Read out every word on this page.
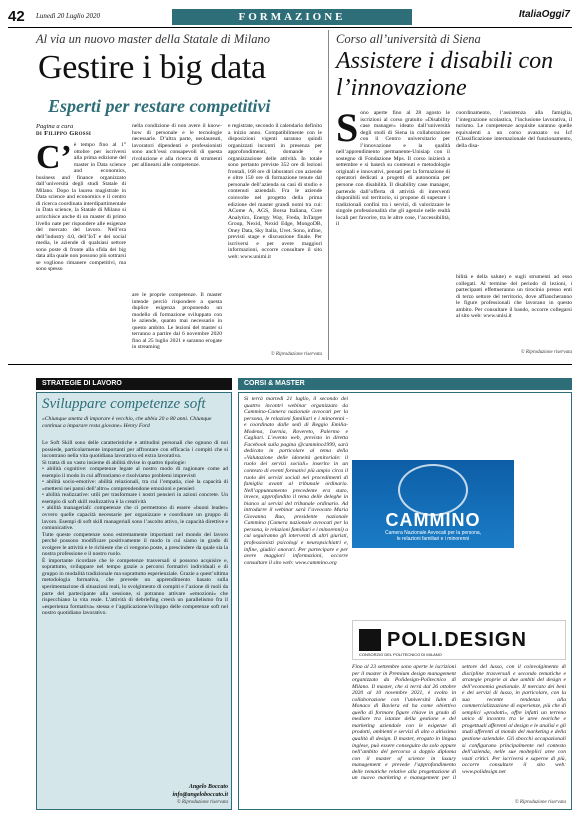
42 Lunedì 20 Luglio 2020	FORMAZIONE	ItaliaOggi7
Al via un nuovo master della Statale di Milano
Gestire i big data
Esperti per restare competitivi
Pagina a cura
di Filippo Grossi
C’ è tempo fino al 1° ottobre per iscriversi alla prima edizione del master in Data science and economics, business and finance organizzato dall’università degli studi Statale di Milano. Dopo la laurea magistrale in Data science and economics e il centro di ricerca coordinata interdipartimentale in Data science, la Statale di Milano si arricchisce anche di un master di primo livello nate per rispondere alle esigenze del mercato del lavoro. Nell’era dell’industry 4.0, dell’IoT e dei social media, le aziende di qualsiasi settore sono poste di fronte alla sfida dei big data alla quale non possono più sottrarsi se vogliono rimanere competitivi, ma sono spesso
nella condizione di non avere il know-how di personale e le tecnologie necessarie. D’altra parte, neolaureati, lavoratori dipendenti e professionisti sono anch’essi consapevoli di questa rivoluzione e alla ricerca di strumenti per allinearsi alle competenze.
are le proprie competenze. Il master intende perciò rispondere a questa duplice esigenza proponendo un modello di formazione sviluppato con le aziende, quanto mai necessario in questo ambito. Le lezioni del master si terranno a partire dal 6 novembre 2020 fino al 25 luglio 2021 e saranno erogate in streaming
e registrate, secondo il calendario definito a inizio anno. Compatibilmente con le disposizioni vigenti saranno quindi organizzati incontri in presenza per approfondimenti, domande e organizzazione delle attività. In totale sono pertanto previste 352 ore di lezioni frontali, 168 ore di laboratori con aziende e oltre 150 ore di formazione tenute dal personale dell’azienda su casi di studio e contenuti aziendali. Fra le aziende coinvolte nel progetto della prima edizione del master grandi nomi tra cui: ACome A, AGS, Borsa Italiana, Core Analytics, Energy Way, Freda, InTarget Group, Nexid, Nexid Edge, MongoDB, Oney Data, Sky Italia, Uvet. Sono, infine, previsti stage e discussione finale. Per iscriversi e per avere maggiori informazioni, occorre consultare il sito web: www.unimi.it
© Riproduzione riservata
Corso all’università di Siena
Assistere i disabili con l’innovazione
Sono aperte fino al 28 agosto le iscrizioni al corso gratuito «Disability case manager» ideato dall’università degli studi di Siena in collaborazione con il Centro universitario per l’innovazione e la qualità nell’apprendimento permanente-Unisiap con il sostegno di Fondazione Mps. Il corso inizierà a settembre e si baserà su contenuti e metodologie originali e innovativi, pensati per la formazione di operatori dedicati a progetti di autonomia per persone con disabilità. Il disability case manager, partendo dall’offerta di attività di interventi disponibili sul territorio, si propone di superare i tradizionali confini tra i servizi, di valorizzare le singole professionalità che gli agenzie nelle realtà locali per favorire, tra le altre cose, l’accessibilità, il
coordinamento, l’assistenza alla famiglia, l’integrazione scolastica, l’inclusione lavorativa, il turismo. Le competenze acquisite saranno quelle equivalenti a un corso avanzato su Icf (Classificazione internazionale del funzionamento, della disa-
bilità e della salute) e sugli strumenti ad esso collegati. Al termine del periodo di lezioni, i partecipanti effettueranno un tirocinio presso enti di terzo settore del territorio, dove affiancheranno le figure professionali che lavorano in questo ambito. Per consultare il bando, occorre collegarsi al sito web: www.unisi.it
© Riproduzione riservata
STRATEGIE DI LAVORO
Sviluppare competenze soft
«Chiunque smetta di imparare è vecchio, che abbia 20 o 80 anni. Chiunque continua a imparare resta giovane» Henry Ford

Le Soft Skill sono delle caratteristiche e attitudini personali che ognuno di noi possiede, particolarmente importanti per affrontare con efficacia i compiti che si incontrano nella vita quotidiana lavorativa ed extra lavorativa.

Si tratta di un vasto insieme di abilità divise in quattro tipologie:

• abilità cognitive: competenze legate al nostro modo di ragionare come ad esempio il modo in cui affrontiamo e risolviamo problemi imprevisti

• abilità socio-emotive: abilità relazionali, tra cui l’empatia, cioè la capacità di «mettersi nei panni dell’altro» comprendendone emozioni e pensieri

• abilità realizzative: utili per trasformare i nostri pensieri in azioni concrete. Un esempio di soft skill realizzativa è la creatività

• abilità manageriali: competenze che ci permettono di essere «buoni leader» ovvero quelle capacità necessarie per organizzare e coordinare un gruppo di lavoro. Esempi di soft skill manageriali sono l’ascolto attivo, le capacità direttive e comunicative.

Tutte queste competenze sono estremamente importanti nel mondo del lavoro perché possono modificare positivamente il modo in cui siamo in grado di svolgere le attività e le richieste che ci vengono poste, a prescindere da quale sia la nostra professione e il nostro ruolo.

È importante ricordare che le competenze trasversali si possono acquisire e, soprattutto, sviluppare nel tempo grazie a percorsi formativi individuali e di gruppo in modalità tradizionale ma soprattutto esperienziale. Grazie a quest’ultima metodologia formativa, che prevede un apprendimento basato sulla sperimentazione di situazioni reali, lo svolgimento di compiti e l’azione di ruoli da parte del partecipante alla sessione, si potranno attivare «emozioni» che rispecchiano la vita reale. L’attività di debriefing creerà un parallelismo fra il «esperienza formativa» stessa e l’applicazione/sviluppo delle competenze soft nel nostro quotidiano lavorativo.

Angelo Boccato
info@angeloboccato.it
© Riproduzione riservata
CORSI & MASTER
Si terrà martedì 21 luglio, il secondo dei quattro incontri webinar organizzato da Cammino-Camera nazionale avvocati per la persona, le relazioni familiari e i minorenni - e coordinato dalle sedi di Reggio Emilia-Modena, Isernia, Rovereto, Palermo e Cagliari. L’evento web, previsto in diretta Facebook sulla pagina @cammino1999, sarà dedicato in particolare al tema della «Valutazione delle idoneità genitoriale: il ruolo dei servizi sociali» inserito in un contesto di eventi formativi più ampio circa il ruolo dei servizi sociali nei procedimenti di famiglia avanti al tribunale ordinario. Nell’appuntamento precedente era stato, invece, approfondito il tema delle deleghe in bianco ai servizi del tribunale ordinario. Ad introdurre il webinar sarà l’avvocato Maria Giovanna Ruo, presidente nazionale Cammino (Camera nazionale avvocati per la persona, le relazioni familiari e i minorenni) a cui seguiranno gli interventi di altri giuristi, professionisti psicologi e neuropsichiatri e, infine, giudici onorari. Per partecipare e per avere maggiori informazioni, occorre consultare il sito web: www.cammino.org
CAMMINO
Camera Nazionale Avvocati per la persona,
le relazioni familiari e i minorenni
POLI.DESIGN
CONSORZIO DEL POLITECNICO DI MILANO
Fino al 23 settembre sono aperte le iscrizioni per il master in Premium design management organizzato da Polidesign-Politecnico di Milano. Il master, che si terrà dal 26 ottobre 2020 al 10 novembre 2021, è svolto in collaborazione con l’università Iulm di Monaco di Baviera ed ha come obiettivo quello di formare figure chiave in grado di mediare tra istanze della gestione e del marketing aziendale con le esigenze di prodotti, ambienti e servizi di alto o altissima qualità di design. Il master, erogato in lingua inglese, può essere conseguito da solo oppure nell’ambito del percorso a doppio diploma con il master of science in luxury management e prevede l’approfondimento delle tematiche relative alla progettazione di un nuovo marketing e management per il settore del lusso, con il coinvolgimento di discipline trasversali e secondo tematiche e strategie proprie ai due ambiti del design e dell’economia gestionale. Il mercato dei beni e dei servizi di lusso, in particolare, con la sua recente tendenza alla commercializzazione di esperienze, più che di semplici «prodotti», offre infatti un terreno unico di incontro tra le aree teoriche e progettuali afferenti al design e le analisi e gli studi afferenti al mondo del marketing e della gestione aziendale. Gli sbocchi occupazionali si configurano principalmente nel contesto dell’azienda, nelle sue molteplici aree con vasti critici. Per iscriversi e saperne di più, occorre consultare il sito web: www.polidesign.net
© Riproduzione riservata
